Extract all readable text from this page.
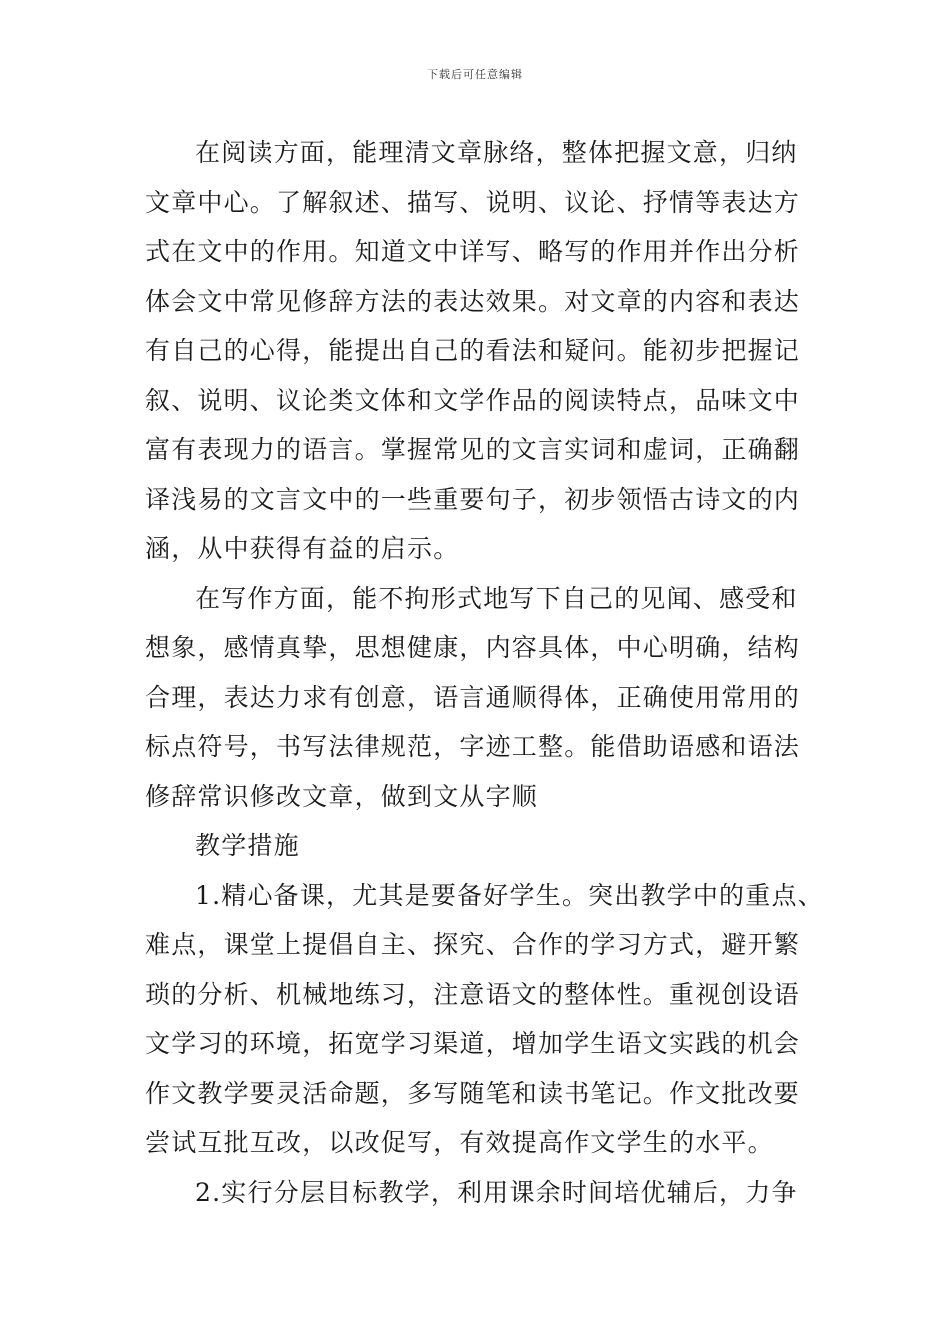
下载后可任意编辑
在阅读方面，能理清文章脉络，整体把握文意，归纳
文章中心。了解叙述、描写、说明、议论、抒情等表达方
式在文中的作用。知道文中详写、略写的作用并作出分析
体会文中常见修辞方法的表达效果。对文章的内容和表达
有自己的心得，能提出自己的看法和疑问。能初步把握记
叙、说明、议论类文体和文学作品的阅读特点，品味文中
富有表现力的语言。掌握常见的文言实词和虚词，正确翻
译浅易的文言文中的一些重要句子，初步领悟古诗文的内
涵，从中获得有益的启示。
在写作方面，能不拘形式地写下自己的见闻、感受和
想象，感情真挚，思想健康，内容具体，中心明确，结构
合理，表达力求有创意，语言通顺得体，正确使用常用的
标点符号，书写法律规范，字迹工整。能借助语感和语法
修辞常识修改文章，做到文从字顺
教学措施
1.精心备课，尤其是要备好学生。突出教学中的重点、
难点，课堂上提倡自主、探究、合作的学习方式，避开繁
琐的分析、机械地练习，注意语文的整体性。重视创设语
文学习的环境，拓宽学习渠道，增加学生语文实践的机会
作文教学要灵活命题，多写随笔和读书笔记。作文批改要
尝试互批互改，以改促写，有效提高作文学生的水平。
2.实行分层目标教学，利用课余时间培优辅后，力争
